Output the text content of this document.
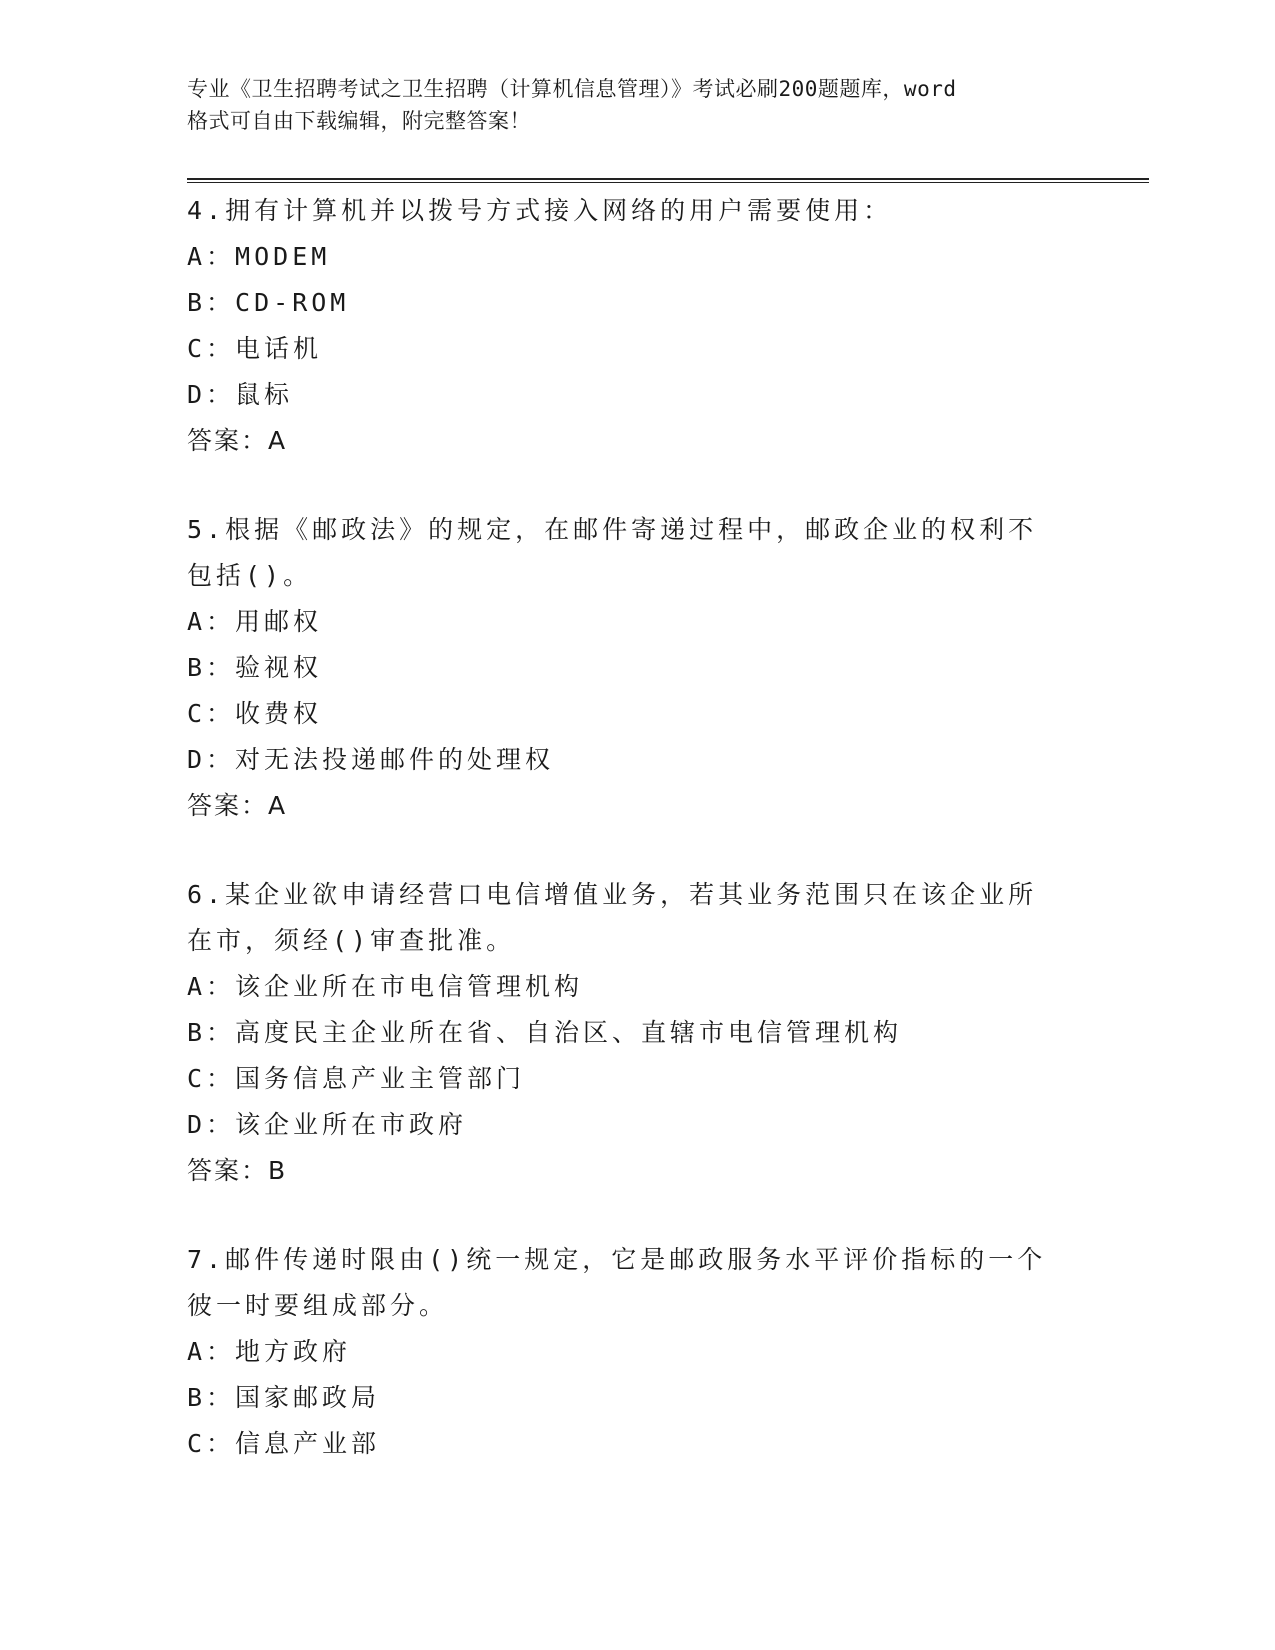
专业《卫生招聘考试之卫生招聘（计算机信息管理）》考试必刷200题题库，word
格式可自由下载编辑，附完整答案！
4.拥有计算机并以拨号方式接入网络的用户需要使用：
A：MODEM
B：CD-ROM
C：电话机
D：鼠标
答案：A
5.根据《邮政法》的规定，在邮件寄递过程中，邮政企业的权利不包括()。
A：用邮权
B：验视权
C：收费权
D：对无法投递邮件的处理权
答案：A
6.某企业欲申请经营口电信增值业务，若其业务范围只在该企业所在市，须经()审查批准。
A：该企业所在市电信管理机构
B：高度民主企业所在省、自治区、直辖市电信管理机构
C：国务信息产业主管部门
D：该企业所在市政府
答案：B
7.邮件传递时限由()统一规定，它是邮政服务水平评价指标的一个彼一时要组成部分。
A：地方政府
B：国家邮政局
C：信息产业部
